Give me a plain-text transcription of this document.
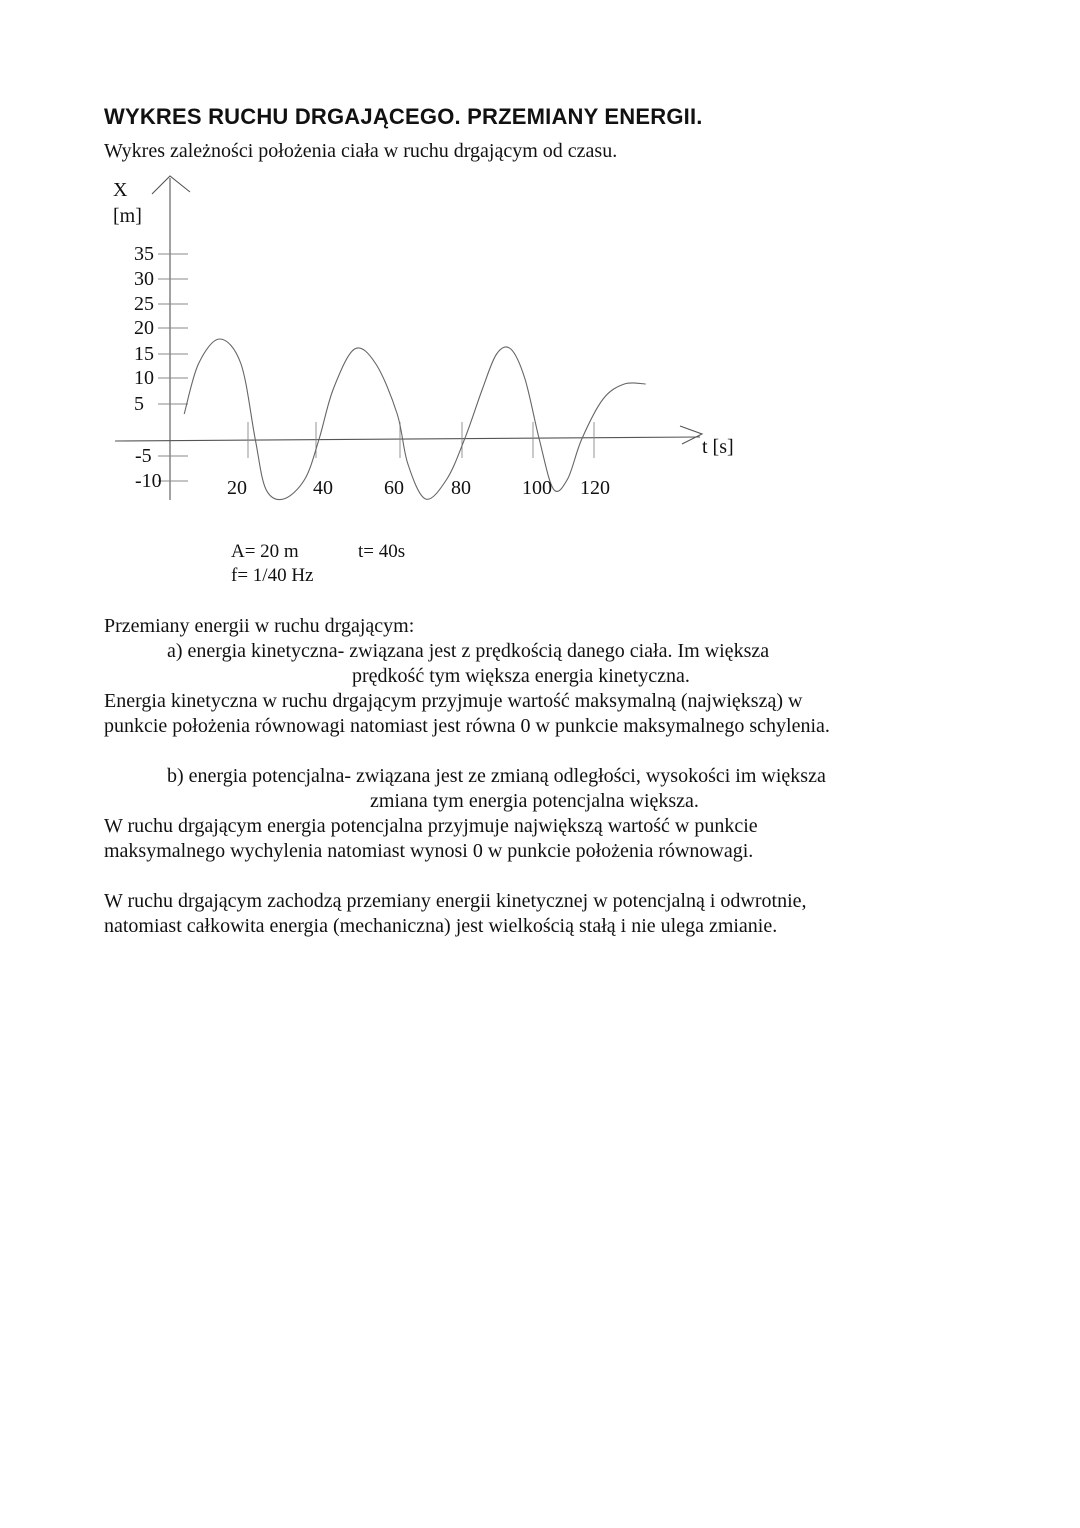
WYKRES RUCHU DRGAJĄCEGO. PRZEMIANY ENERGII.
Wykres zależności położenia ciała w ruchu drgającym od czasu.
X
[m]
35
30
25
20
15
10
5
-5
-10	20	40	60 80	100 120
t [s]
A= 20 m	t= 40s
f= 1/40 Hz
Przemiany energii w ruchu drgającym:
a) energia kinetyczna- związana jest z prędkością danego ciała. Im większa
prędkość tym większa energia kinetyczna.
Energia kinetyczna w ruchu drgającym przyjmuje wartość maksymalną (największą) w
punkcie położenia równowagi natomiast jest równa 0 w punkcie maksymalnego schylenia.
b) energia potencjalna- związana jest ze zmianą odległości, wysokości im większa
zmiana tym energia potencjalna większa.
W ruchu drgającym energia potencjalna przyjmuje największą wartość w punkcie
maksymalnego wychylenia natomiast wynosi 0 w punkcie położenia równowagi.
W ruchu drgającym zachodzą przemiany energii kinetycznej w potencjalną i odwrotnie,
natomiast całkowita energia (mechaniczna) jest wielkością stałą i nie ulega zmianie.
